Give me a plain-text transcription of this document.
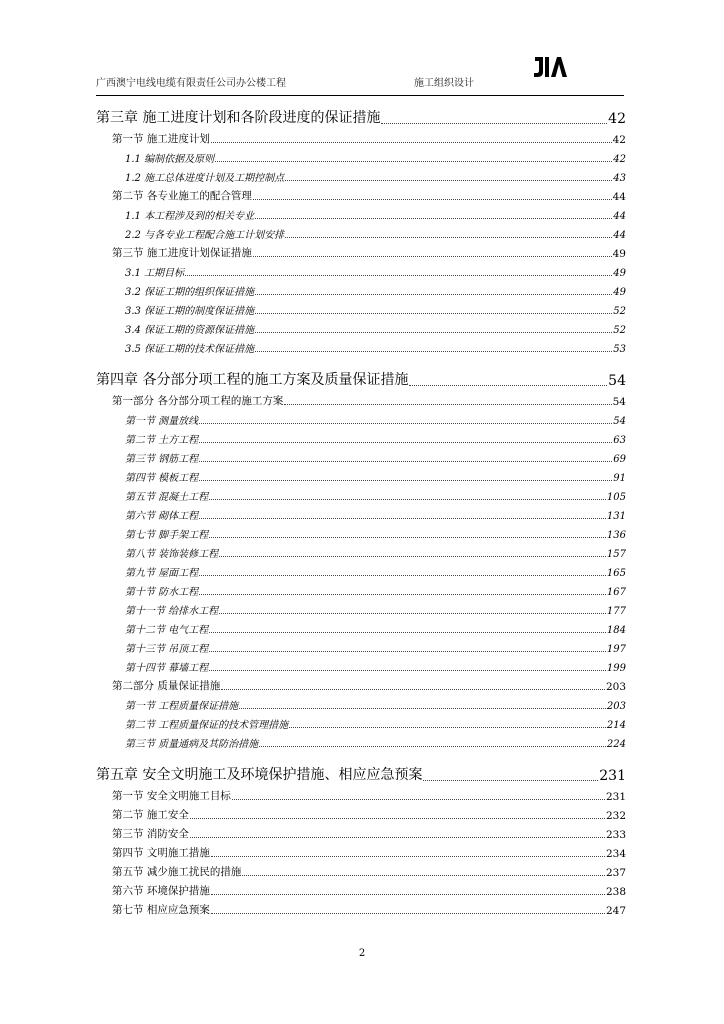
广西澳宁电线电缆有限责任公司办公楼工程	施工组织设计
第三章 施工进度计划和各阶段进度的保证措施	42
第一节 施工进度计划	42
1.1 编制依据及原则	42
1.2 施工总体进度计划及工期控制点	43
第二节 各专业施工的配合管理	44
1.1 本工程涉及到的相关专业	44
2.2 与各专业工程配合施工计划安排	44
第三节 施工进度计划保证措施	49
3.1 工期目标	49
3.2 保证工期的组织保证措施	49
3.3 保证工期的制度保证措施	52
3.4 保证工期的资源保证措施	52
3.5 保证工期的技术保证措施	53
第四章 各分部分项工程的施工方案及质量保证措施	54
第一部分 各分部分项工程的施工方案	54
第一节 测量放线	54
第二节 土方工程	63
第三节 钢筋工程	69
第四节 模板工程	91
第五节 混凝土工程	105
第六节 砌体工程	131
第七节 脚手架工程	136
第八节 装饰装修工程	157
第九节 屋面工程	165
第十节 防水工程	167
第十一节 给排水工程	177
第十二节 电气工程	184
第十三节 吊顶工程	197
第十四节 幕墙工程	199
第二部分 质量保证措施	203
第一节 工程质量保证措施	203
第二节 工程质量保证的技术管理措施	214
第三节 质量通病及其防治措施	224
第五章 安全文明施工及环境保护措施、相应应急预案	231
第一节 安全文明施工目标	231
第二节 施工安全	232
第三节 消防安全	233
第四节 文明施工措施	234
第五节 减少施工扰民的措施	237
第六节 环境保护措施	238
第七节 相应应急预案	247
2
